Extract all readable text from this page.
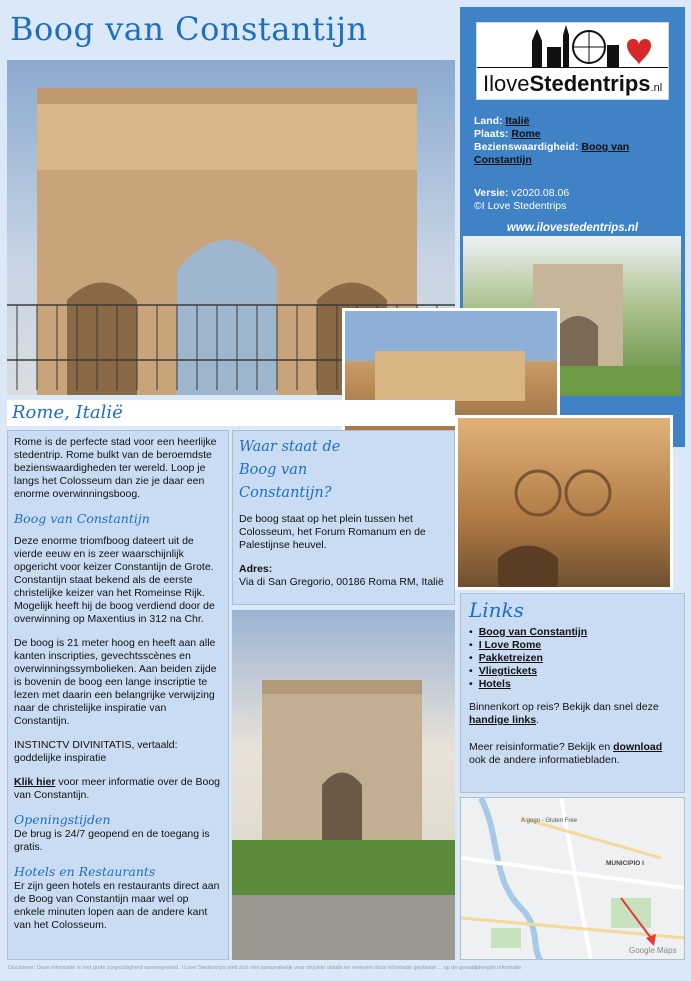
Boog van Constantijn
IloveStedentrips.nl
Land: Italië
Plaats: Rome
Bezienswaardigheid: Boog van Constantijn
Versie: v2020.08.06
©I Love Stedentrips
www.ilovestedentrips.nl
Rome, Italië

Rome is de perfecte stad voor een heerlijke stedentrip. Rome bulkt van de beroemdste bezienswaardigheden ter wereld. Loop je langs het Colosseum dan zie je daar een enorme overwinningsboog.

Boog van Constantijn

Deze enorme triomfboog dateert uit de vierde eeuw en is zeer waarschijnlijk opgericht voor keizer Constantijn de Grote. Constantijn staat bekend als de eerste christelijke keizer van het Romeinse Rijk. Mogelijk heeft hij de boog verdiend door de overwinning op Maxentius in 312 na Chr.

De boog is 21 meter hoog en heeft aan alle kanten inscripties, gevechtsscènes en overwinningssymbolieken. Aan beiden zijde is bovenin de boog een lange inscriptie te lezen met daarin een belangrijke verwijzing naar de christelijke inspiratie van Constantijn.

INSTINCTV DIVINITATIS, vertaald: goddelijke inspiratie

Klik hier voor meer informatie over de Boog van Constantijn.

Openingstijden

De brug is 24/7 geopend en de toegang is gratis.

Hotels en Restaurants

Er zijn geen hotels en restaurants direct aan de Boog van Constantijn maar wel op enkele minuten lopen aan de andere kant van het Colosseum.

Waar staat de Boog van Constantijn?

De boog staat op het plein tussen het Colosseum, het Forum Romanum en de Palestijnse heuvel.

Adres:
Via di San Gregorio, 00186 Roma RM, Italië
Links
• Boog van Constantijn
• I Love Rome
• Pakketreizen
• Vliegtickets
• Hotels

Binnenkort op reis? Bekijk dan snel deze handige links.

Meer reisinformatie? Bekijk en download ook de andere informatiebladen.

A.gogo - Gluten Free
MUNICIPIO I
Google Maps
Disclaimer: Deze informatie is met grote zorgvuldigheid samengesteld. I Love Stedentrips stelt zich niet aansprakelijk voor onjuiste details en verlenen deze informatie geplaatst ... op de geraadpleegde informatie
